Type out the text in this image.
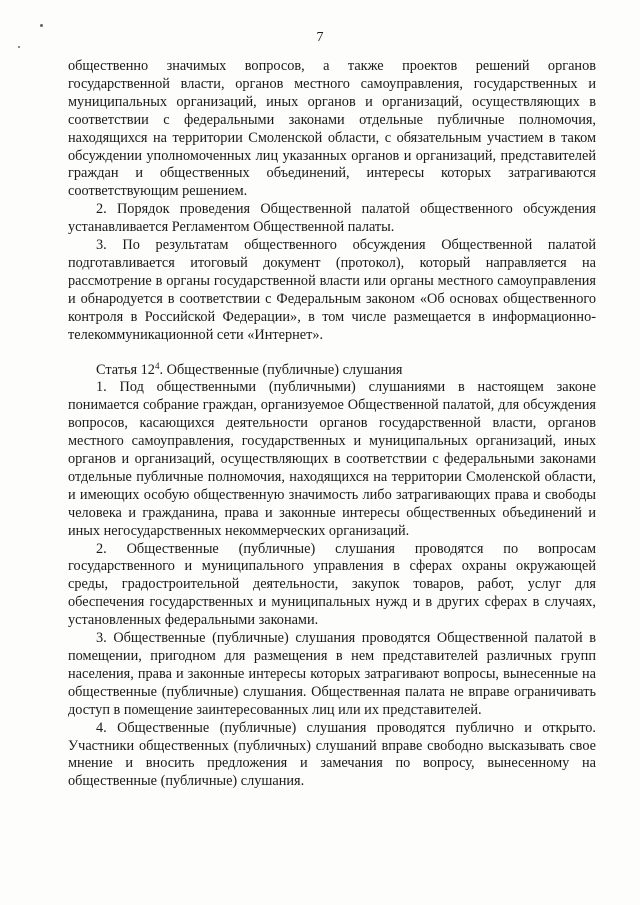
7

общественно значимых вопросов, а также проектов решений органов государственной власти, органов местного самоуправления, государственных и муниципальных организаций, иных органов и организаций, осуществляющих в соответствии с федеральными законами отдельные публичные полномочия, находящихся на территории Смоленской области, с обязательным участием в таком обсуждении уполномоченных лиц указанных органов и организаций, представителей граждан и общественных объединений, интересы которых затрагиваются соответствующим решением.

2. Порядок проведения Общественной палатой общественного обсуждения устанавливается Регламентом Общественной палаты.

3. По результатам общественного обсуждения Общественной палатой подготавливается итоговый документ (протокол), который направляется на рассмотрение в органы государственной власти или органы местного самоуправления и обнародуется в соответствии с Федеральным законом «Об основах общественного контроля в Российской Федерации», в том числе размещается в информационно-телекоммуникационной сети «Интернет».

Статья $12^4$. Общественные (публичные) слушания

1. Под общественными (публичными) слушаниями в настоящем законе понимается собрание граждан, организуемое Общественной палатой, для обсуждения вопросов, касающихся деятельности органов государственной власти, органов местного самоуправления, государственных и муниципальных организаций, иных органов и организаций, осуществляющих в соответствии с федеральными законами отдельные публичные полномочия, находящихся на территории Смоленской области, и имеющих особую общественную значимость либо затрагивающих права и свободы человека и гражданина, права и законные интересы общественных объединений и иных негосударственных некоммерческих организаций.

2. Общественные (публичные) слушания проводятся по вопросам государственного и муниципального управления в сферах охраны окружающей среды, градостроительной деятельности, закупок товаров, работ, услуг для обеспечения государственных и муниципальных нужд и в других сферах в случаях, установленных федеральными законами.

3. Общественные (публичные) слушания проводятся Общественной палатой в помещении, пригодном для размещения в нем представителей различных групп населения, права и законные интересы которых затрагивают вопросы, вынесенные на общественные (публичные) слушания. Общественная палата не вправе ограничивать доступ в помещение заинтересованных лиц или их представителей.

4. Общественные (публичные) слушания проводятся публично и открыто. Участники общественных (публичных) слушаний вправе свободно высказывать свое мнение и вносить предложения и замечания по вопросу, вынесенному на общественные (публичные) слушания.
